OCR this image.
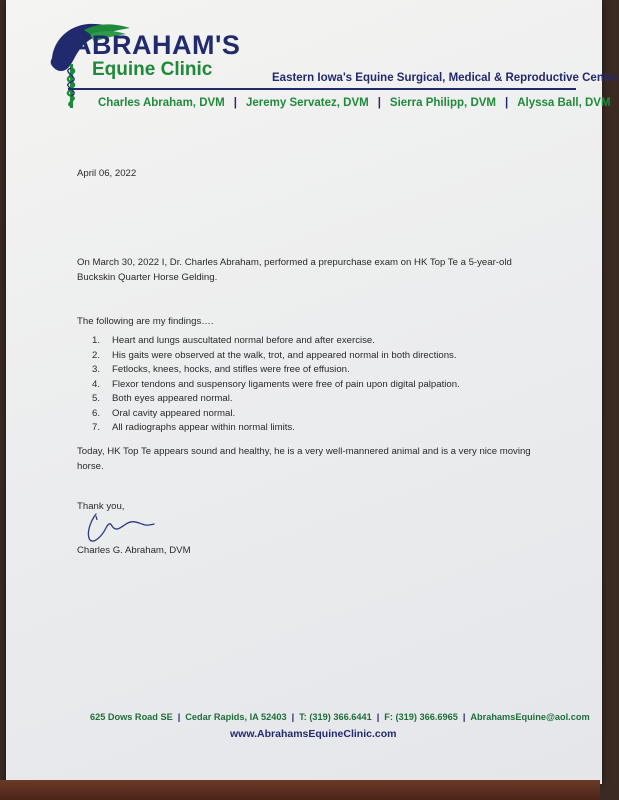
ABRAHAM'S
Equine Clinic	Eastern Iowa's Equine Surgical, Medical & Reproductive Center
Charles Abraham, DVM | Jeremy Servatez, DVM | Sierra Philipp, DVM | Alyssa Ball, DVM
April 06, 2022
On March 30, 2022 I, Dr. Charles Abraham, performed a prepurchase exam on HK Top Te a 5-year-old Buckskin Quarter Horse Gelding.
The following are my findings….
1. Heart and lungs auscultated normal before and after exercise.
2. His gaits were observed at the walk, trot, and appeared normal in both directions.
3. Fetlocks, knees, hocks, and stifles were free of effusion.
4. Flexor tendons and suspensory ligaments were free of pain upon digital palpation.
5. Both eyes appeared normal.
6. Oral cavity appeared normal.
7. All radiographs appear within normal limits.
Today, HK Top Te appears sound and healthy, he is a very well-mannered animal and is a very nice moving horse.
Thank you,
Charles G. Abraham, DVM
625 Dows Road SE | Cedar Rapids, IA 52403 | T: (319) 366.6441 | F: (319) 366.6965 | AbrahamsEquine@aol.com
www.AbrahamsEquineClinic.com
